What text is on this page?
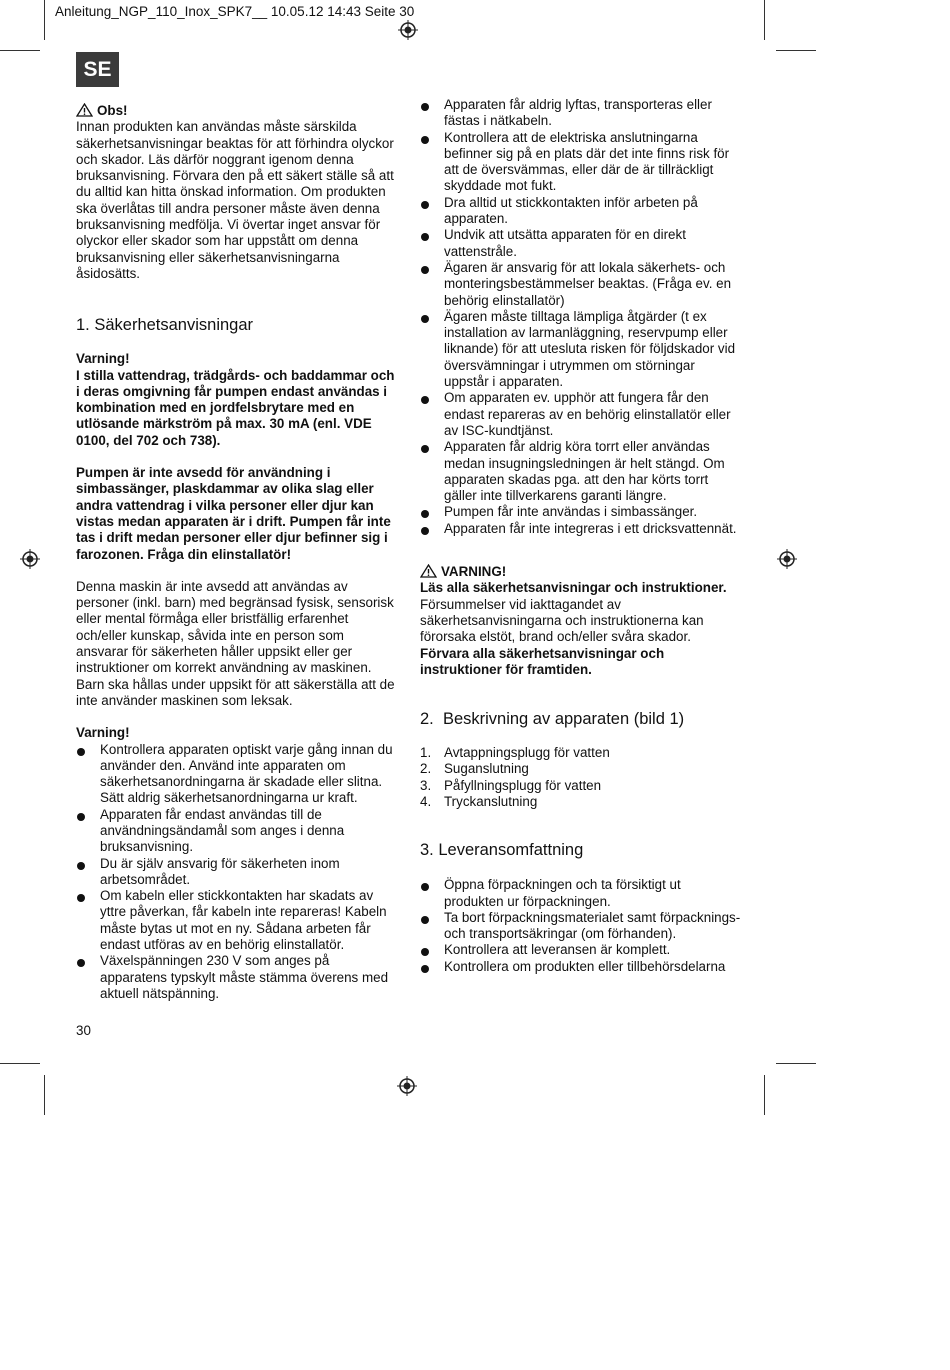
Anleitung_NGP_110_Inox_SPK7__ 10.05.12 14:43 Seite 30
SE

Obs!

Innan produkten kan användas måste särskilda säkerhetsanvisningar beaktas för att förhindra olyckor och skador. Läs därför noggrant igenom denna bruksanvisning. Förvara den på ett säkert ställe så att du alltid kan hitta önskad information. Om produkten ska överlåtas till andra personer måste även denna bruksanvisning medfölja. Vi övertar inget ansvar för olyckor eller skador som har uppstått om denna bruksanvisning eller säkerhetsanvisningarna åsidosätts.

1. Säkerhetsanvisningar

Varning!

I stilla vattendrag, trädgårds- och baddammar och i deras omgivning får pumpen endast användas i kombination med en jordfelsbrytare med en utlösande märkström på max. 30 mA (enl. VDE 0100, del 702 och 738).

Pumpen är inte avsedd för användning i simbassänger, plaskdammar av olika slag eller andra vattendrag i vilka personer eller djur kan vistas medan apparaten är i drift. Pumpen får inte tas i drift medan personer eller djur befinner sig i farozonen. Fråga din elinstallatör!

Denna maskin är inte avsedd att användas av personer (inkl. barn) med begränsad fysisk, sensorisk eller mental förmåga eller bristfällig erfarenhet och/eller kunskap, såvida inte en person som ansvarar för säkerheten håller uppsikt eller ger instruktioner om korrekt användning av maskinen. Barn ska hållas under uppsikt för att säkerställa att de inte använder maskinen som leksak.

Varning!

Kontrollera apparaten optiskt varje gång innan du använder den. Använd inte apparaten om säkerhetsanordningarna är skadade eller slitna. Sätt aldrig säkerhetsanordningarna ur kraft.
Apparaten får endast användas till de användningsändamål som anges i denna bruksanvisning.
Du är själv ansvarig för säkerheten inom arbetsområdet.
Om kabeln eller stickkontakten har skadats av yttre påverkan, får kabeln inte repareras! Kabeln måste bytas ut mot en ny. Sådana arbeten får endast utföras av en behörig elinstallatör.
Växelspänningen 230 V som anges på apparatens typskylt måste stämma överens med aktuell nätspänning.
Apparaten får aldrig lyftas, transporteras eller fästas i nätkabeln.
Kontrollera att de elektriska anslutningarna befinner sig på en plats där det inte finns risk för att de översvämmas, eller där de är tillräckligt skyddade mot fukt.
Dra alltid ut stickkontakten inför arbeten på apparaten.
Undvik att utsätta apparaten för en direkt vattenstråle.
Ägaren är ansvarig för att lokala säkerhets- och monteringsbestämmelser beaktas. (Fråga ev. en behörig elinstallatör)
Ägaren måste tilltaga lämpliga åtgärder (t ex installation av larmanläggning, reservpump eller liknande) för att utesluta risken för följdskador vid översvämningar i utrymmen om störningar uppstår i apparaten.
Om apparaten ev. upphör att fungera får den endast repareras av en behörig elinstallatör eller av ISC-kundtjänst.
Apparaten får aldrig köra torrt eller användas medan insugningsledningen är helt stängd. Om apparaten skadas pga. att den har körts torrt gäller inte tillverkarens garanti längre.
Pumpen får inte användas i simbassänger.
Apparaten får inte integreras i ett dricksvattennät.

VARNING!

Läs alla säkerhetsanvisningar och instruktioner.

Försummelser vid iakttagandet av säkerhetsanvisningarna och instruktionerna kan förorsaka elstöt, brand och/eller svåra skador.

Förvara alla säkerhetsanvisningar och instruktioner för framtiden.

2. Beskrivning av apparaten (bild 1)
1. Avtappningsplugg för vatten
2. Suganslutning
3. Påfyllningsplugg för vatten
4. Tryckanslutning
3. Leveransomfattning
Öppna förpackningen och ta försiktigt ut produkten ur förpackningen.
Ta bort förpackningsmaterialet samt förpacknings- och transportsäkringar (om förhanden).
Kontrollera att leveransen är komplett.
Kontrollera om produkten eller tillbehörsdelarna
30
